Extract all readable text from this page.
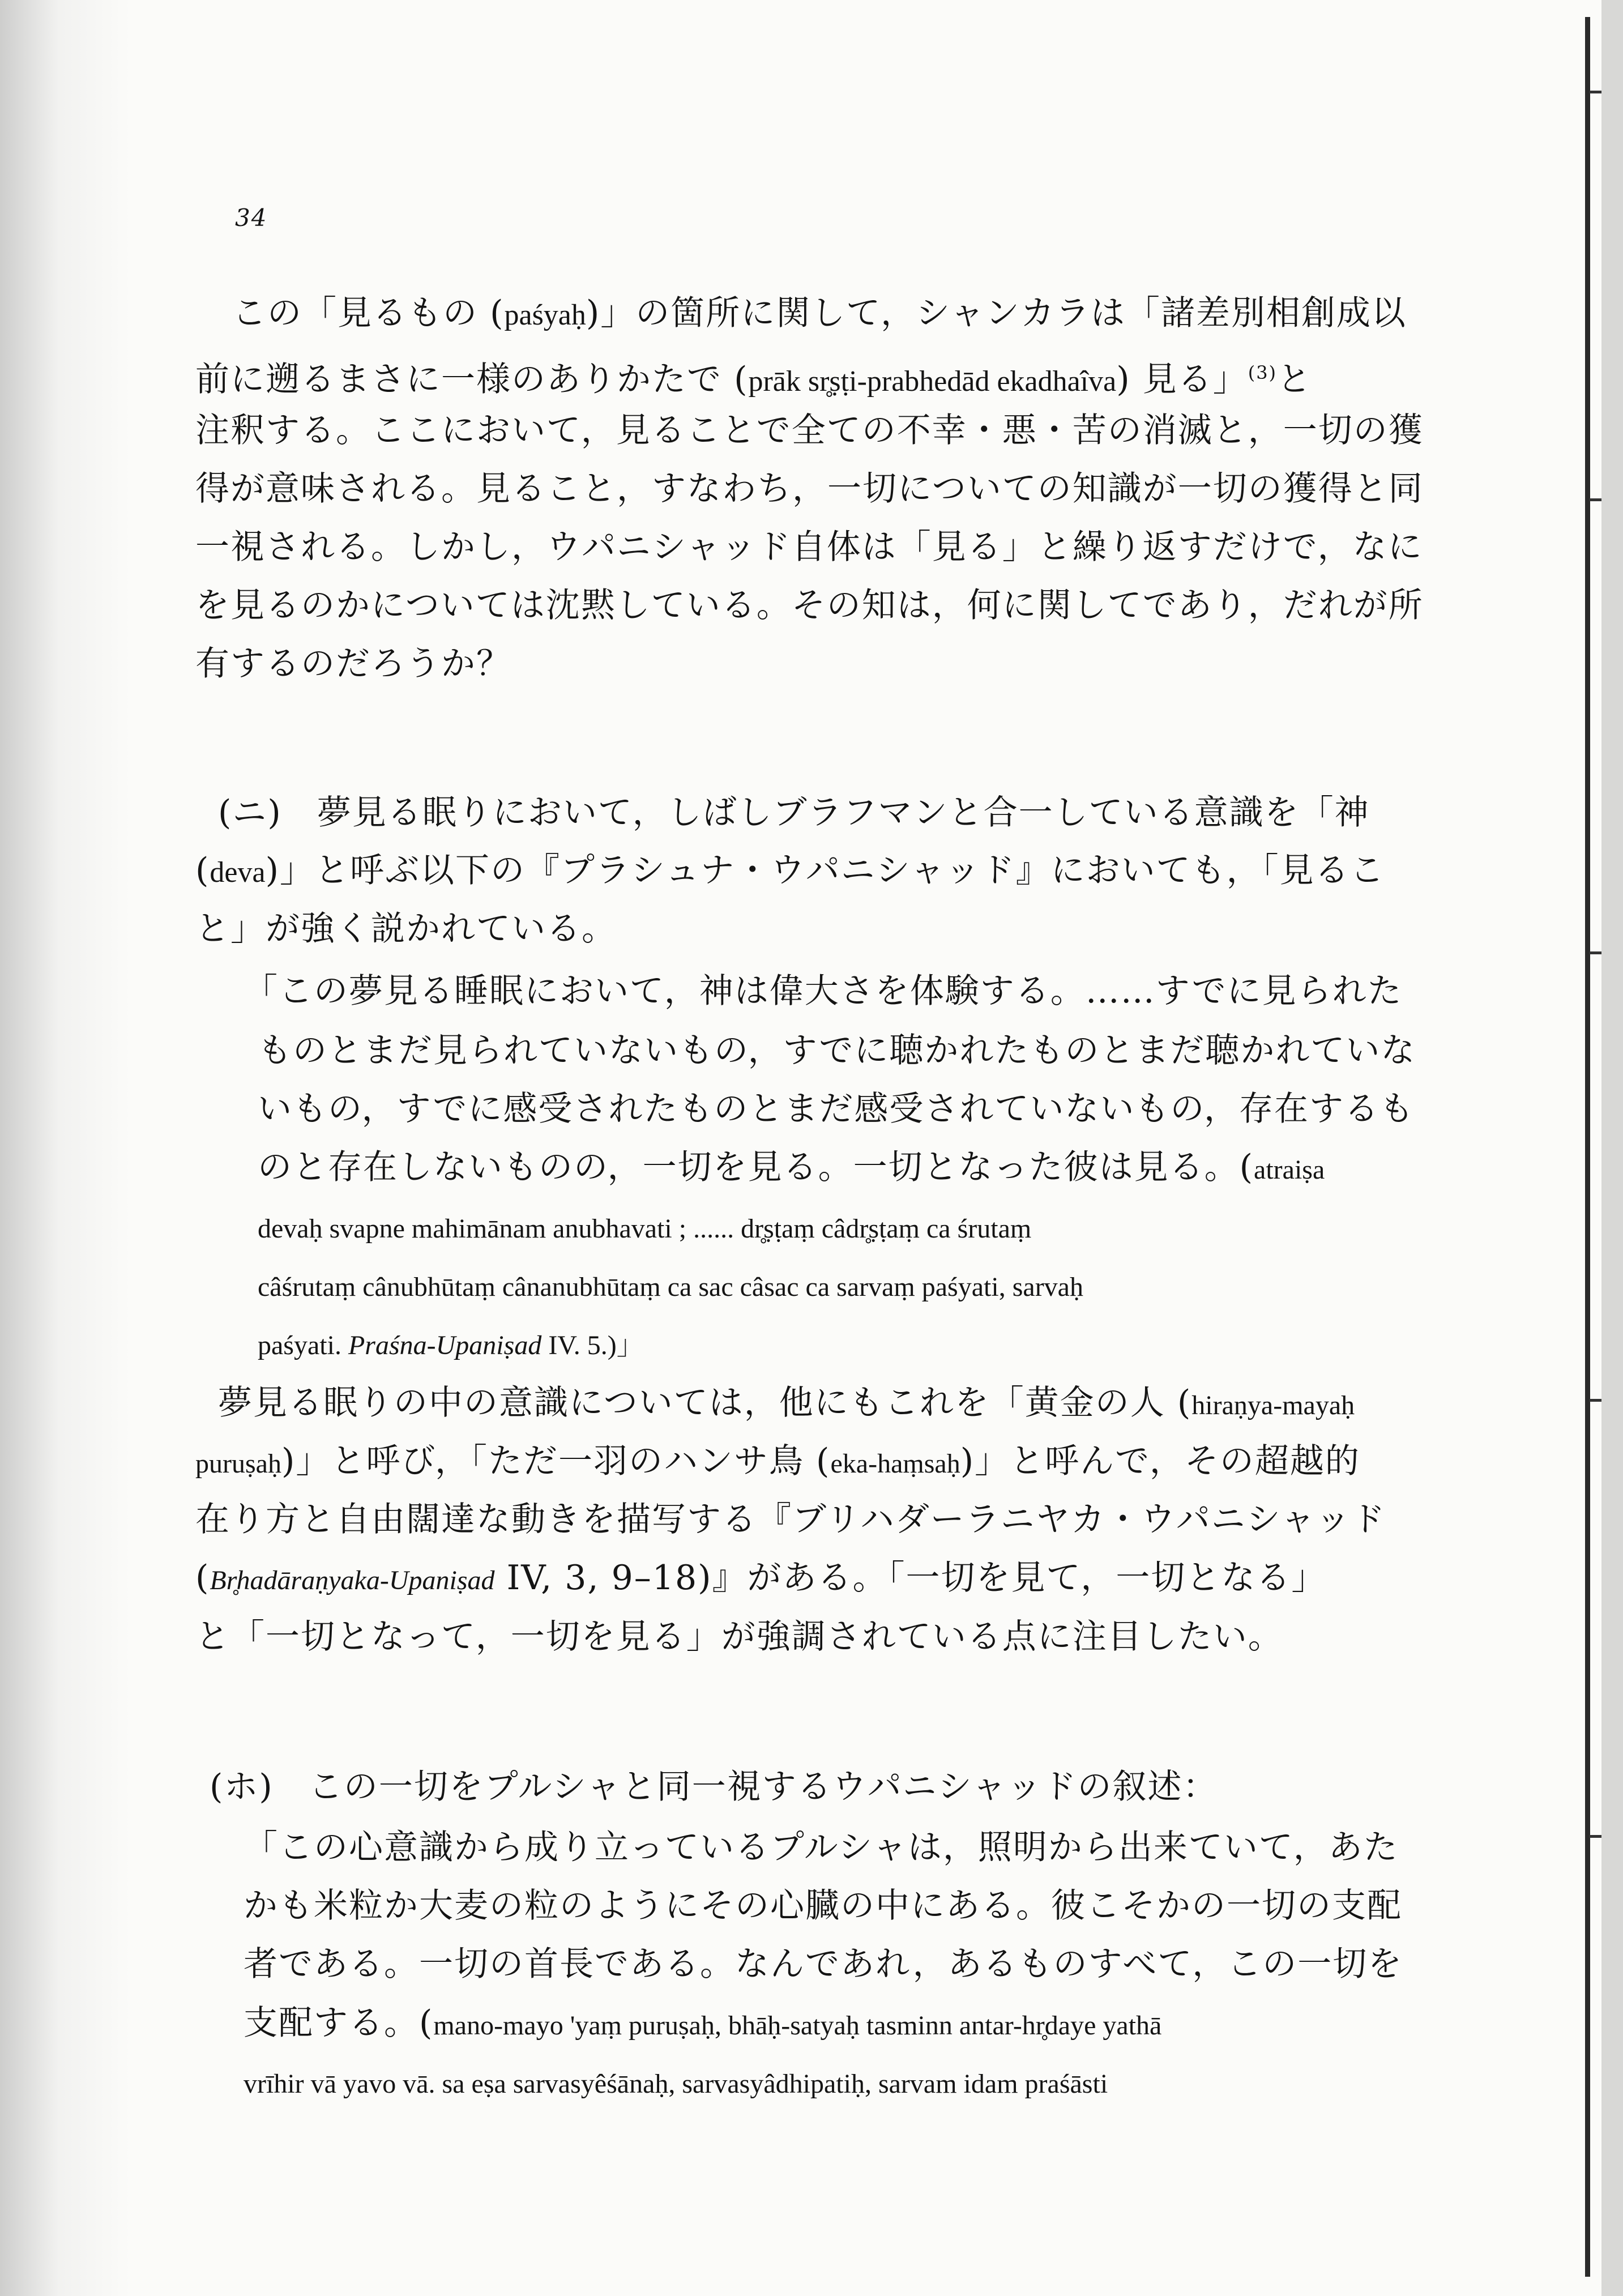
34
この「見るもの (paśyaḥ)」の箇所に関して，シャンカラは「諸差別相創成以
前に遡るまさに一様のありかたで (prāk sr̥ṣṭi-prabhedād ekadhaîva) 見る」$^{(3)}$と
注釈する。ここにおいて，見ることで全ての不幸・悪・苦の消滅と，一切の獲
得が意味される。見ること，すなわち，一切についての知識が一切の獲得と同
一視される。しかし，ウパニシャッド自体は「見る」と繰り返すだけで，なに
を見るのかについては沈黙している。その知は，何に関してであり，だれが所
有するのだろうか？
(ニ)　夢見る眠りにおいて，しばしブラフマンと合一している意識を「神
(deva)」と呼ぶ以下の『プラシュナ・ウパニシャッド』においても，「見るこ
と」が強く説かれている。
「この夢見る睡眠において，神は偉大さを体験する。……すでに見られた
ものとまだ見られていないもの，すでに聴かれたものとまだ聴かれていな
いもの，すでに感受されたものとまだ感受されていないもの，存在するも
のと存在しないものの，一切を見る。一切となった彼は見る。(atraiṣa
devaḥ svapne mahimānam anubhavati ; ...... dr̥ṣṭaṃ câdr̥ṣṭaṃ ca śrutaṃ
câśrutaṃ cânubhūtaṃ cânanubhūtaṃ ca sac câsac ca sarvaṃ paśyati, sarvaḥ
paśyati. Praśna-Upaniṣad IV. 5.)」
夢見る眠りの中の意識については，他にもこれを「黄金の人 (hiraṇya-mayaḥ
puruṣaḥ)」と呼び，「ただ一羽のハンサ鳥 (eka-haṃsaḥ)」と呼んで，その超越的
在り方と自由闊達な動きを描写する『ブリハダーラニヤカ・ウパニシャッド
(Br̥hadāraṇyaka-Upaniṣad IV, 3, 9–18)』がある。「一切を見て，一切となる」
と「一切となって，一切を見る」が強調されている点に注目したい。
(ホ)　この一切をプルシャと同一視するウパニシャッドの叙述：
「この心意識から成り立っているプルシャは，照明から出来ていて，あた
かも米粒か大麦の粒のようにその心臓の中にある。彼こそかの一切の支配
者である。一切の首長である。なんであれ，あるものすべて，この一切を
支配する。(mano-mayo 'yaṃ puruṣaḥ, bhāḥ-satyaḥ tasminn antar-hr̥daye yathā
vrīhir vā yavo vā. sa eṣa sarvasyêśānaḥ, sarvasyâdhipatiḥ, sarvam idam praśāsti
